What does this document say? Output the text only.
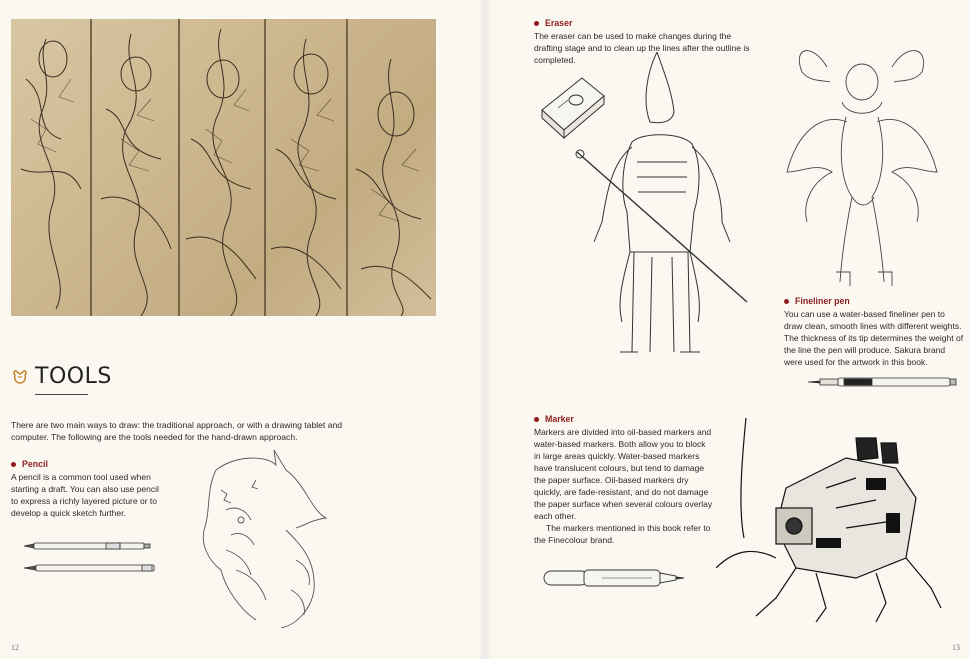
TOOLS
There are two main ways to draw: the traditional approach, or with a drawing tablet and computer. The following are the tools needed for the hand-drawn approach.
Pencil
A pencil is a common tool used when starting a draft. You can also use pencil to express a richly layered picture or to develop a quick sketch further.
12
Eraser
The eraser can be used to make changes during the drafting stage and to clean up the lines after the outline is completed.
Fineliner pen
You can use a water-based fineliner pen to draw clean, smooth lines with different weights. The thickness of its tip determines the weight of the line the pen will produce. Sakura brand were used for the artwork in this book.
Marker
Markers are divided into oil-based markers and water-based markers. Both allow you to block in large areas quickly. Water-based markers have translucent colours, but tend to damage the paper surface. Oil-based markers dry quickly, are fade-resistant, and do not damage the paper surface when several colours overlay each other.
The markers mentioned in this book refer to the Finecolour brand.
13
